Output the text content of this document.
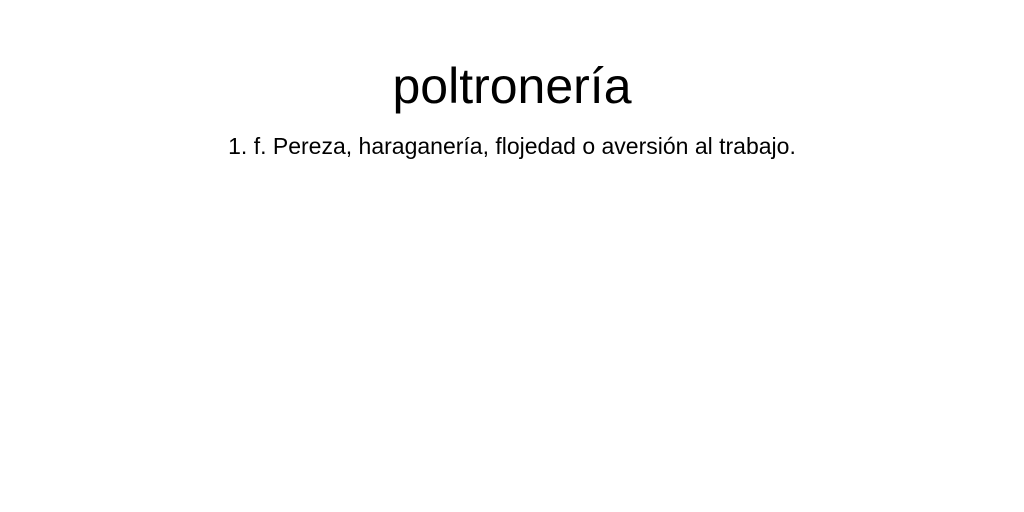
poltronería

1. f. Pereza, haraganería, flojedad o aversión al trabajo.
